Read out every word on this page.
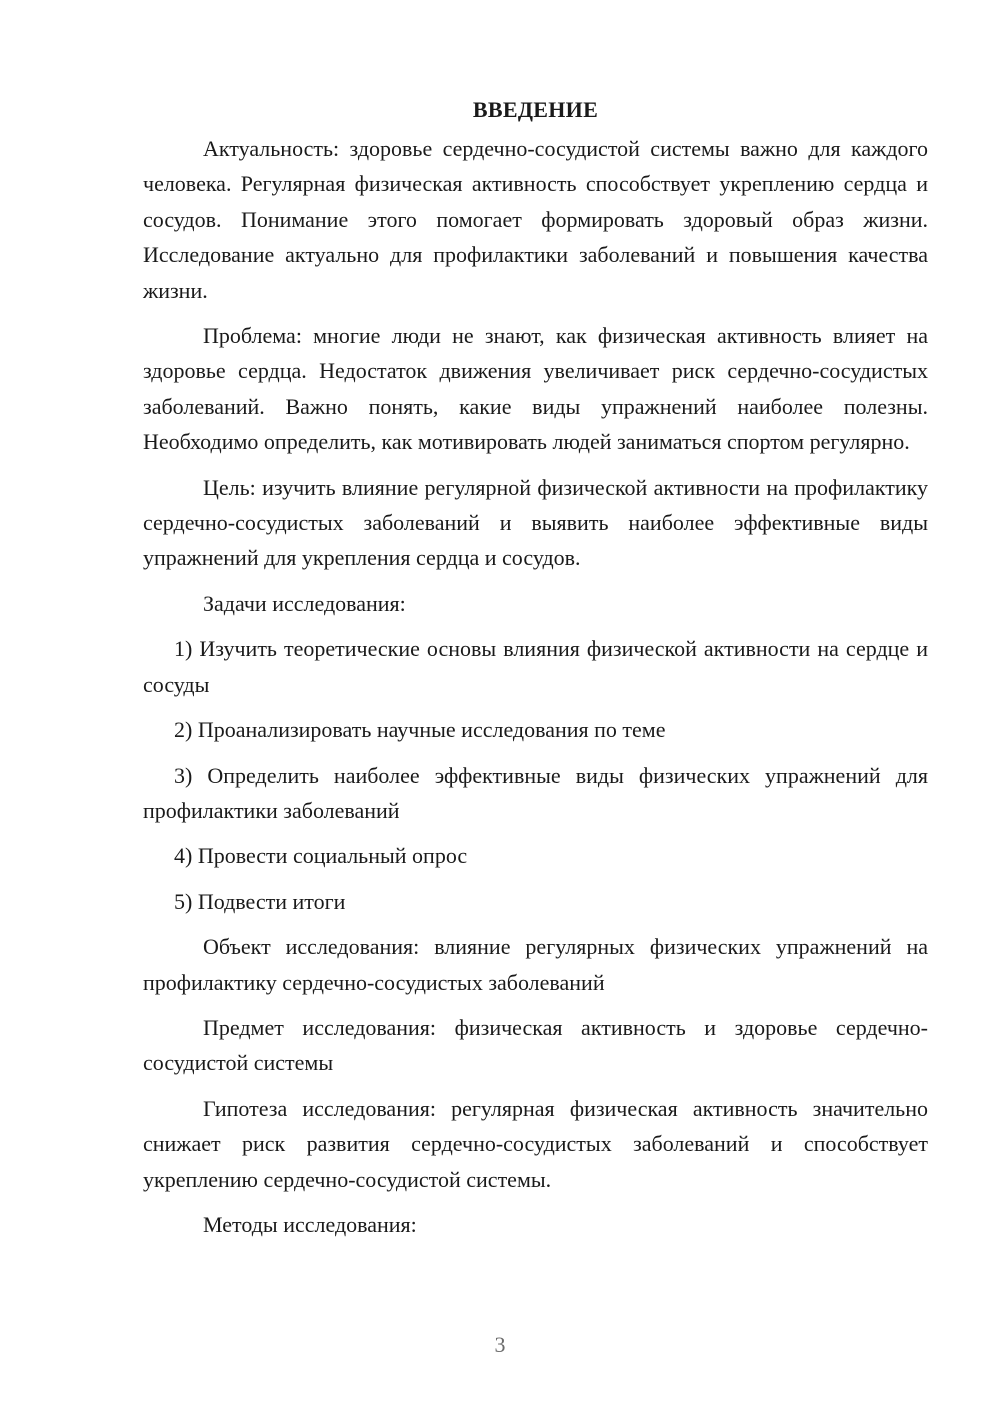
ВВЕДЕНИЕ

Актуальность: здоровье сердечно-сосудистой системы важно для каждого человека. Регулярная физическая активность способствует укреплению сердца и сосудов. Понимание этого помогает формировать здоровый образ жизни. Исследование актуально для профилактики заболеваний и повышения качества жизни.

Проблема: многие люди не знают, как физическая активность влияет на здоровье сердца. Недостаток движения увеличивает риск сердечно-сосудистых заболеваний. Важно понять, какие виды упражнений наиболее полезны. Необходимо определить, как мотивировать людей заниматься спортом регулярно.

Цель: изучить влияние регулярной физической активности на профилактику сердечно-сосудистых заболеваний и выявить наиболее эффективные виды упражнений для укрепления сердца и сосудов.

Задачи исследования:

1) Изучить теоретические основы влияния физической активности на сердце и сосуды

2) Проанализировать научные исследования по теме

3) Определить наиболее эффективные виды физических упражнений для профилактики заболеваний

4) Провести социальный опрос

5) Подвести итоги

Объект исследования: влияние регулярных физических упражнений на профилактику сердечно-сосудистых заболеваний

Предмет исследования: физическая активность и здоровье сердечно-сосудистой системы

Гипотеза исследования: регулярная физическая активность значительно снижает риск развития сердечно-сосудистых заболеваний и способствует укреплению сердечно-сосудистой системы.

Методы исследования:

3
